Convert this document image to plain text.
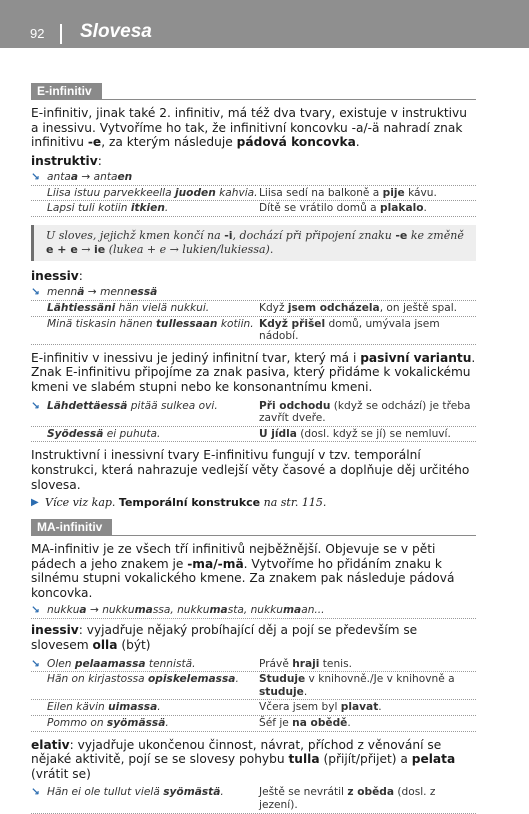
92 Slovesa
E-infinitiv

E-infinitiv, jinak také 2. infinitiv, má též dva tvary, existuje v instruktivu a inessivu. Vytvoříme ho tak, že infinitivní koncovku -a/-ä nahradí znak infinitivu -e, za kterým následuje pádová koncovka.

instruktiv:
↘ antaa → antaen
Liisa istuu parvekkeella juoden kahvia. Liisa sedí na balkoně a pije kávu.
Lapsi tuli kotiin itkien.	Dítě se vrátilo domů a plakalo.
U sloves, jejichž kmen končí na -i, dochází při připojení znaku -e ke změně e + e → ie (lukea + e → lukien/lukiessa).
inessiv:
↘ mennä → mennessä
Lähtiessäni hän vielä nukkui.	Když jsem odcházela, on ještě spal.
Minä tiskasin hänen tullessaan kotiin. Když přišel domů, umývala jsem nádobí.

E-infinitiv v inessivu je jediný infinitní tvar, který má i pasivní variantu. Znak E-infinitivu připojíme za znak pasiva, který přidáme k vokalickému kmeni ve slabém stupni nebo ke konsonantnímu kmeni.

↘ Lähdettäessä pitää sulkea ovi.	Při odchodu (když se odchází) je třeba zavřít dveře.
Syödessä ei puhuta.	U jídla (dosl. když se jí) se nemluví.

Instruktivní i inessivní tvary E-infinitivu fungují v tzv. temporální konstrukci, která nahrazuje vedlejší věty časové a doplňuje děj určitého slovesa.

▶ Více viz kap. Temporální konstrukce na str. 115.
MA-infinitiv

MA-infinitiv je ze všech tří infinitivů nejběžnější. Objevuje se v pěti pádech a jeho znakem je -ma/-mä. Vytvoříme ho přidáním znaku k silnému stupni vokalického kmene. Za znakem pak následuje pádová koncovka.

↘ nukkua → nukkumassa, nukkumasta, nukkumaan...

inessiv: vyjadřuje nějaký probíhající děj a pojí se především se slovesem olla (být)

↘ Olen pelaamassa tennistä.	Právě hraji tenis.
Hän on kirjastossa opiskelemassa.	Studuje v knihovně./Je v knihovně a studuje.
Eilen kävin uimassa.	Včera jsem byl plavat.
Pommo on syömässä.	Šéf je na obědě.

elativ: vyjadřuje ukončenou činnost, návrat, příchod z věnování se nějaké aktivitě, pojí se se slovesy pohybu tulla (přijít/přijet) a pelata (vrátit se)

↘ Hän ei ole tullut vielä syömästä.	Ještě se nevrátil z oběda (dosl. z jezení).
